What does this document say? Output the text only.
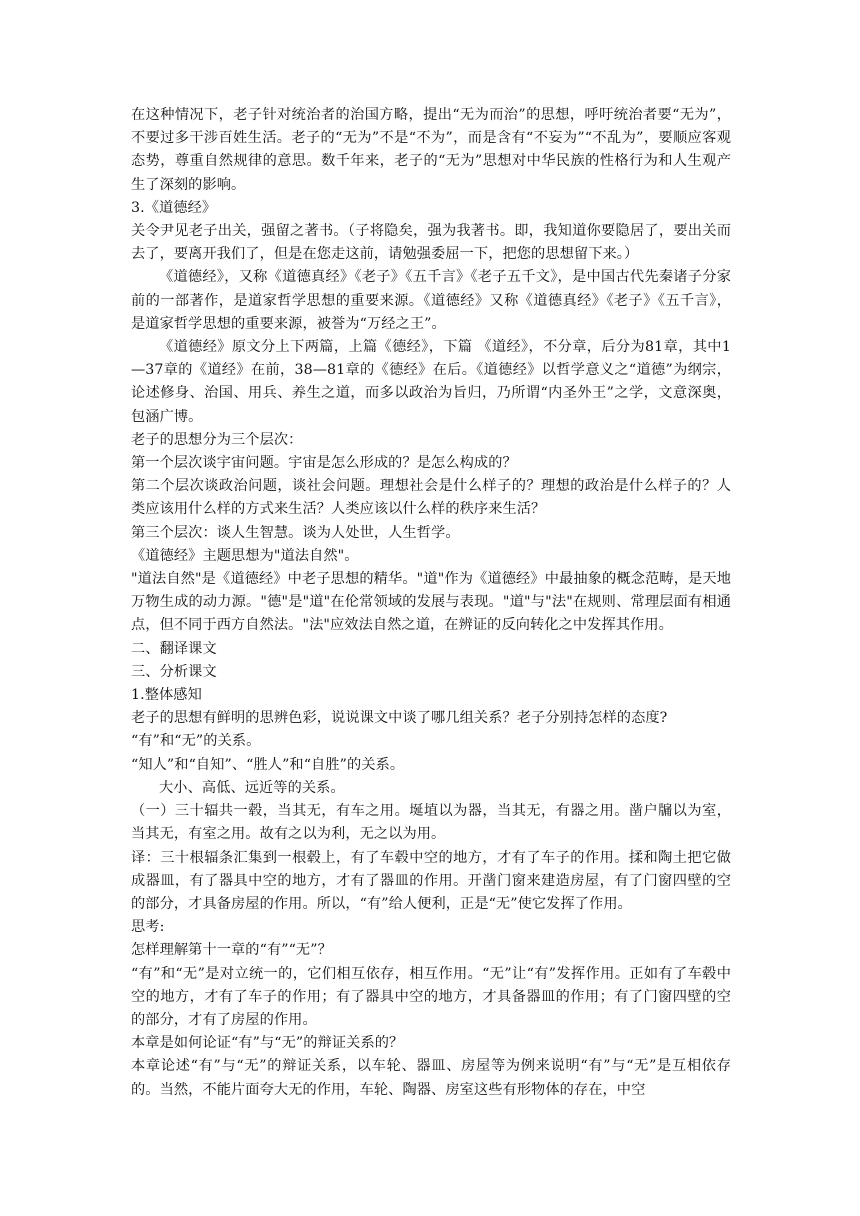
在这种情况下，老子针对统治者的治国方略，提出“无为而治”的思想，呼吁统治者要“无为”，不要过多干涉百姓生活。老子的“无为”不是“不为”，而是含有“不妄为”“不乱为”，要顺应客观态势，尊重自然规律的意思。数千年来，老子的“无为”思想对中华民族的性格行为和人生观产生了深刻的影响。

3.《道德经》

关令尹见老子出关，强留之著书。（子将隐矣，强为我著书。即，我知道你要隐居了，要出关而去了，要离开我们了，但是在您走这前，请勉强委屈一下，把您的思想留下来。）

《道德经》，又称《道德真经》《老子》《五千言》《老子五千文》，是中国古代先秦诸子分家前的一部著作，是道家哲学思想的重要来源。《道德经》又称《道德真经》《老子》《五千言》，是道家哲学思想的重要来源，被誉为“万经之王”。

《道德经》原文分上下两篇，上篇《德经》，下篇 《道经》，不分章，后分为81章，其中1—37章的《道经》在前，38—81章的《德经》在后。《道德经》以哲学意义之“道德”为纲宗，论述修身、治国、用兵、养生之道，而多以政治为旨归，乃所谓“内圣外王”之学，文意深奥，包涵广博。

老子的思想分为三个层次：

第一个层次谈宇宙问题。宇宙是怎么形成的？是怎么构成的？

第二个层次谈政治问题，谈社会问题。理想社会是什么样子的？理想的政治是什么样子的？人类应该用什么样的方式来生活？人类应该以什么样的秩序来生活？

第三个层次：谈人生智慧。谈为人处世，人生哲学。

《道德经》主题思想为"道法自然"。

"道法自然"是《道德经》中老子思想的精华。"道"作为《道德经》中最抽象的概念范畴，是天地万物生成的动力源。"德"是"道"在伦常领域的发展与表现。"道"与"法"在规则、常理层面有相通点，但不同于西方自然法。"法"应效法自然之道，在辨证的反向转化之中发挥其作用。

二、翻译课文

三、分析课文

1.整体感知

老子的思想有鲜明的思辨色彩，说说课文中谈了哪几组关系？老子分别持怎样的态度?

“有”和“无”的关系。

“知人”和“自知”、“胜人”和“自胜”的关系。

大小、高低、远近等的关系。

（一）三十辐共一毂，当其无，有车之用。埏埴以为器，当其无，有器之用。凿户牖以为室，当其无，有室之用。故有之以为利，无之以为用。

译：三十根辐条汇集到一根毂上，有了车毂中空的地方，才有了车子的作用。揉和陶土把它做成器皿，有了器具中空的地方，才有了器皿的作用。开凿门窗来建造房屋，有了门窗四壁的空的部分，才具备房屋的作用。所以，“有”给人便利，正是“无”使它发挥了作用。

思考:

怎样理解第十一章的“有”“无”？

“有”和“无”是对立统一的，它们相互依存，相互作用。“无”让“有”发挥作用。正如有了车毂中空的地方，才有了车子的作用；有了器具中空的地方，才具备器皿的作用；有了门窗四壁的空的部分，才有了房屋的作用。

本章是如何论证“有”与“无”的辩证关系的？

本章论述“有”与“无”的辩证关系，以车轮、器皿、房屋等为例来说明“有”与“无”是互相依存的。当然，不能片面夸大无的作用，车轮、陶器、房室这些有形物体的存在，中空
